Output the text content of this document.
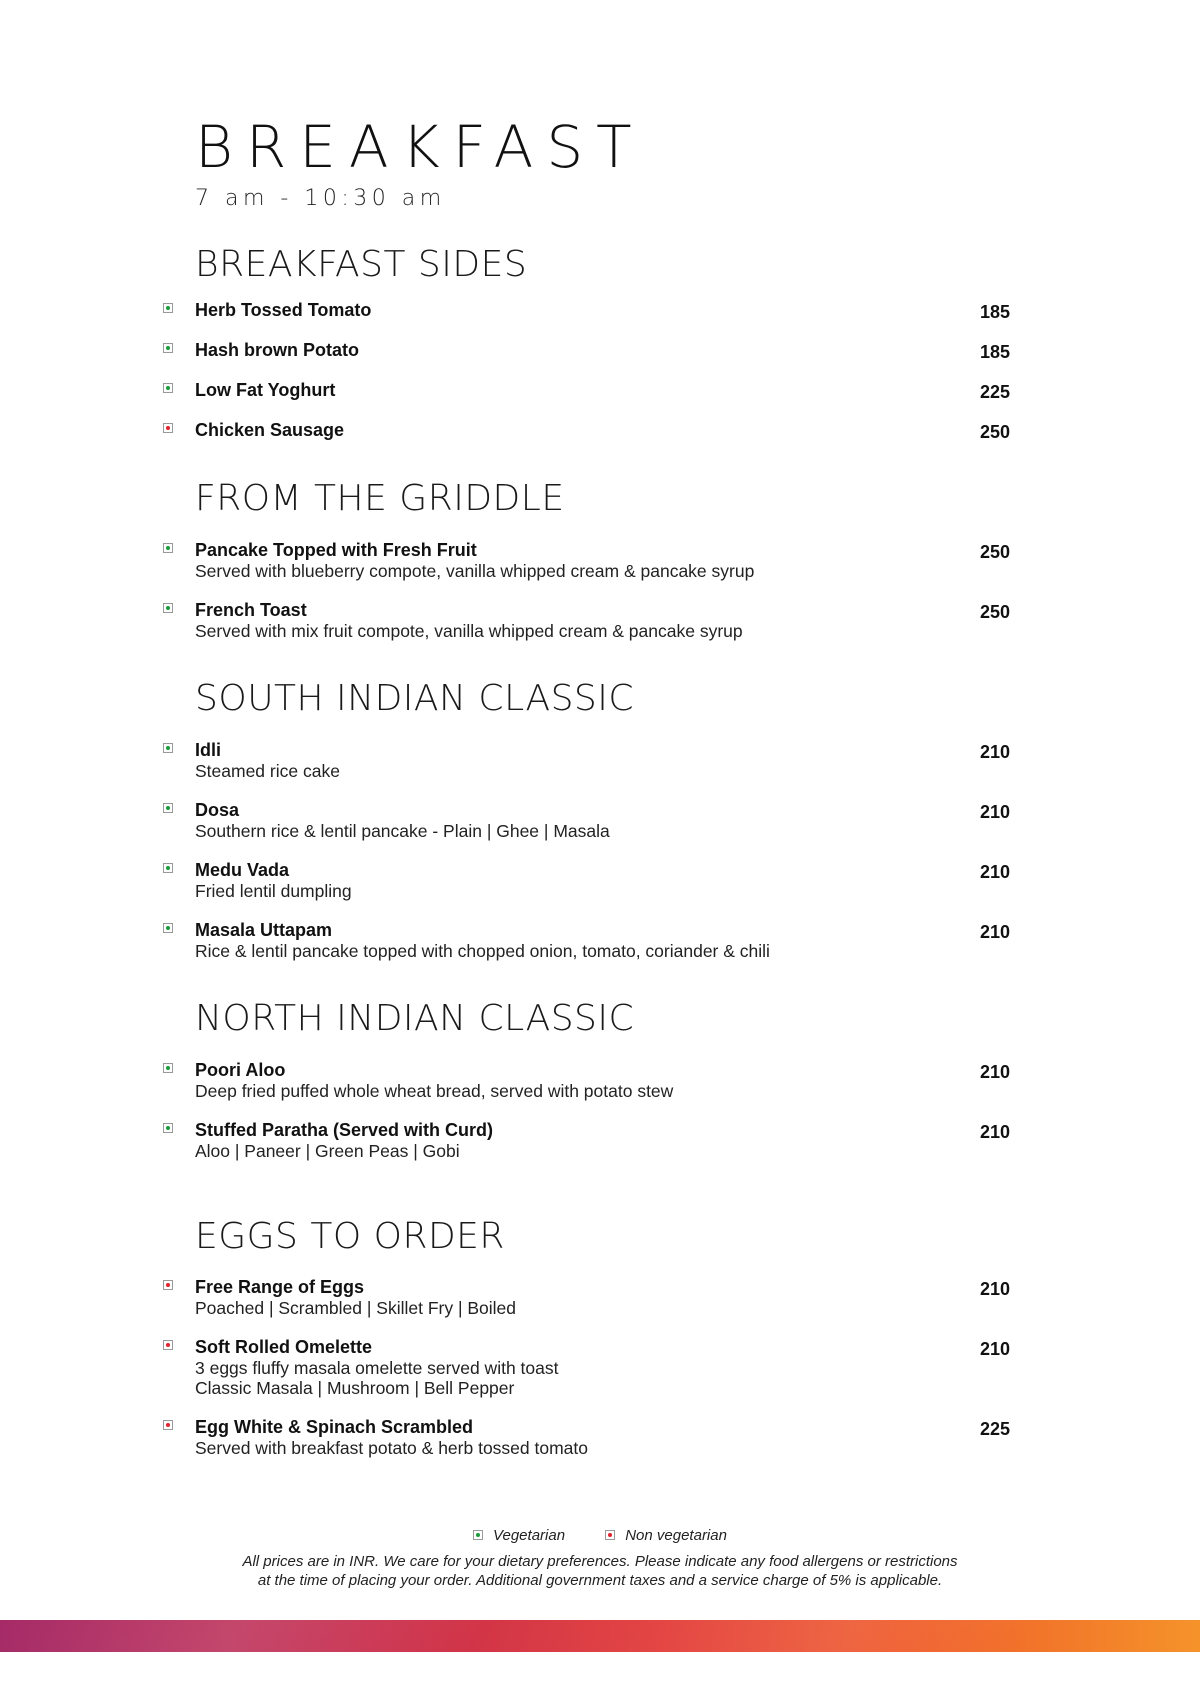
BREAKFAST
7 am - 10:30 am
BREAKFAST SIDES
Herb Tossed Tomato	185
Hash brown Potato	185
Low Fat Yoghurt	225
Chicken Sausage	250
FROM THE GRIDDLE
Pancake Topped with Fresh Fruit
Served with blueberry compote, vanilla whipped cream & pancake syrup
250
French Toast
Served with mix fruit compote, vanilla whipped cream & pancake syrup
250
SOUTH INDIAN CLASSIC
Idli
Steamed rice cake
210
Dosa
Southern rice & lentil pancake - Plain | Ghee | Masala
210
Medu Vada
Fried lentil dumpling
210
Masala Uttapam
Rice & lentil pancake topped with chopped onion, tomato, coriander & chili
210
NORTH INDIAN CLASSIC
Poori Aloo
Deep fried puffed whole wheat bread, served with potato stew
210
Stuffed Paratha (Served with Curd)
Aloo | Paneer | Green Peas | Gobi
210
EGGS TO ORDER
Free Range of Eggs
Poached | Scrambled | Skillet Fry | Boiled
210
Soft Rolled Omelette
3 eggs fluffy masala omelette served with toast
Classic Masala | Mushroom | Bell Pepper
210
Egg White & Spinach Scrambled
Served with breakfast potato & herb tossed tomato
225
Vegetarian	Non vegetarian
All prices are in INR. We care for your dietary preferences. Please indicate any food allergens or restrictions
at the time of placing your order. Additional government taxes and a service charge of 5% is applicable.
